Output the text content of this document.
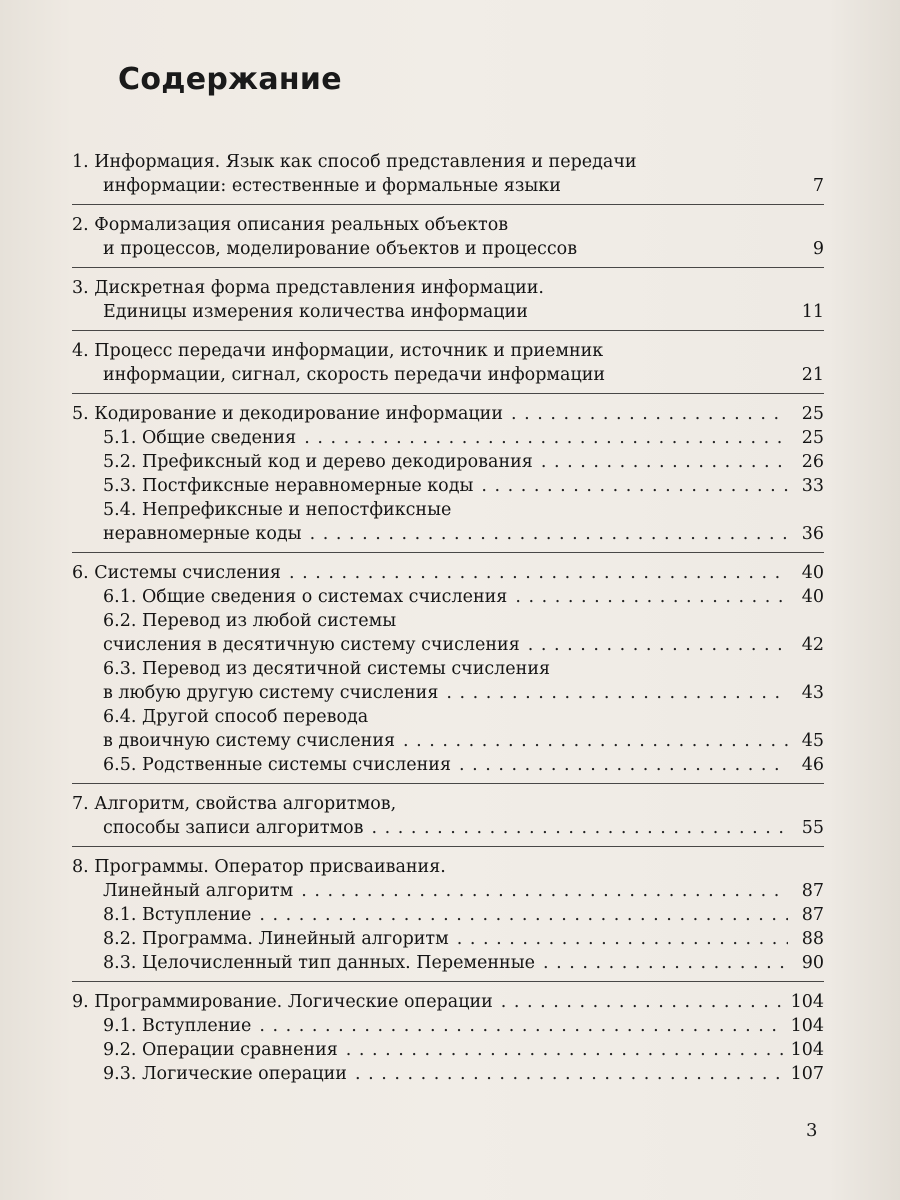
Содержание
1. Информация. Язык как способ представления и передачи
информации: естественные и формальные языки	7
2. Формализация описания реальных объектов
и процессов, моделирование объектов и процессов	9
3. Дискретная форма представления информации.
Единицы измерения количества информации	11
4. Процесс передачи информации, источник и приемник
информации, сигнал, скорость передачи информации	21
5. Кодирование и декодирование информации . . .	25
5.1. Общие сведения . . .	25
5.2. Префиксный код и дерево декодирования . . .	26
5.3. Постфиксные неравномерные коды . . .	33
5.4. Непрефиксные и непостфиксные
неравномерные коды . . .	36
6. Системы счисления . . .	40
6.1. Общие сведения о системах счисления . . .	40
6.2. Перевод из любой системы
счисления в десятичную систему счисления . . .	42
6.3. Перевод из десятичной системы счисления
в любую другую систему счисления . . .	43
6.4. Другой способ перевода
в двоичную систему счисления . . .	45
6.5. Родственные системы счисления . . .	46
7. Алгоритм, свойства алгоритмов,
способы записи алгоритмов . . .	55
8. Программы. Оператор присваивания.
Линейный алгоритм . . .	87
8.1. Вступление . . .	87
8.2. Программа. Линейный алгоритм . . .	88
8.3. Целочисленный тип данных. Переменные . . .	90
9. Программирование. Логические операции . . .	104
9.1. Вступление . . .	104
9.2. Операции сравнения . . .	104
9.3. Логические операции . . .	107
3
